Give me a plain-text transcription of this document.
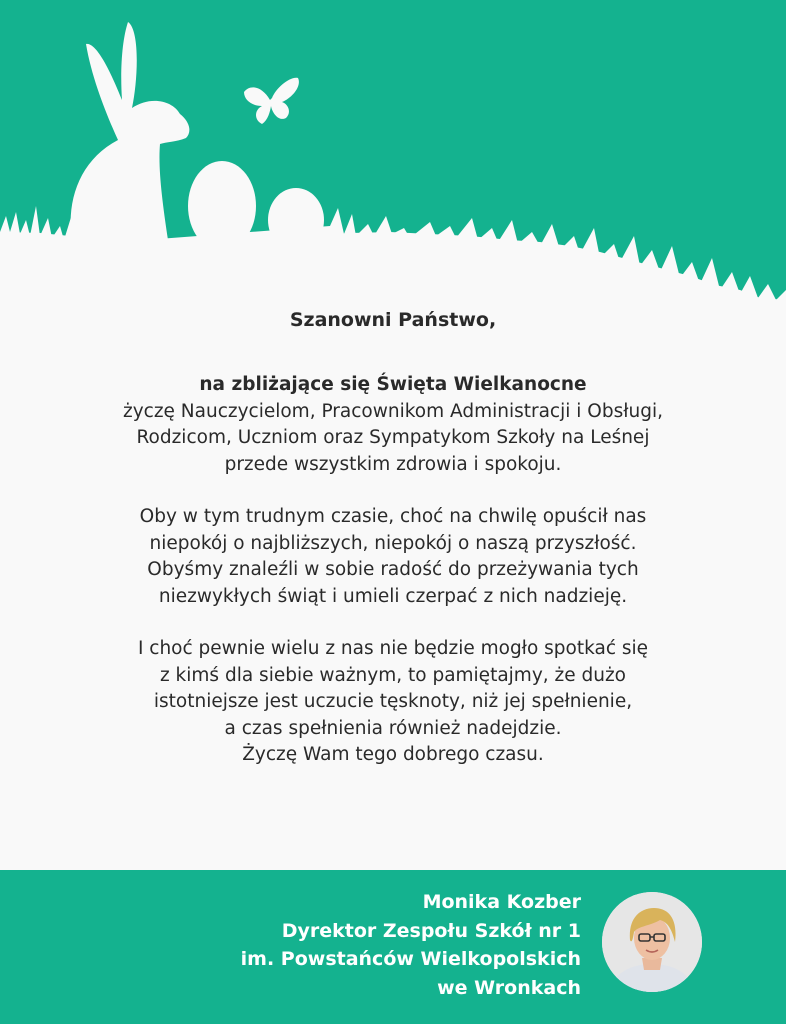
Szanowni Państwo,

na zbliżające się Święta Wielkanocne
życzę Nauczycielom, Pracownikom Administracji i Obsługi,
Rodzicom, Uczniom oraz Sympatykom Szkoły na Leśnej
przede wszystkim zdrowia i spokoju.
Oby w tym trudnym czasie, choć na chwilę opuścił nas
niepokój o najbliższych, niepokój o naszą przyszłość.
Obyśmy znaleźli w sobie radość do przeżywania tych
niezwykłych świąt i umieli czerpać z nich nadzieję.
I choć pewnie wielu z nas nie będzie mogło spotkać się
z kimś dla siebie ważnym, to pamiętajmy, że dużo
istotniejsze jest uczucie tęsknoty, niż jej spełnienie,
a czas spełnienia również nadejdzie.
Życzę Wam tego dobrego czasu.
Monika Kozber
Dyrektor Zespołu Szkół nr 1
im. Powstańców Wielkopolskich
we Wronkach
